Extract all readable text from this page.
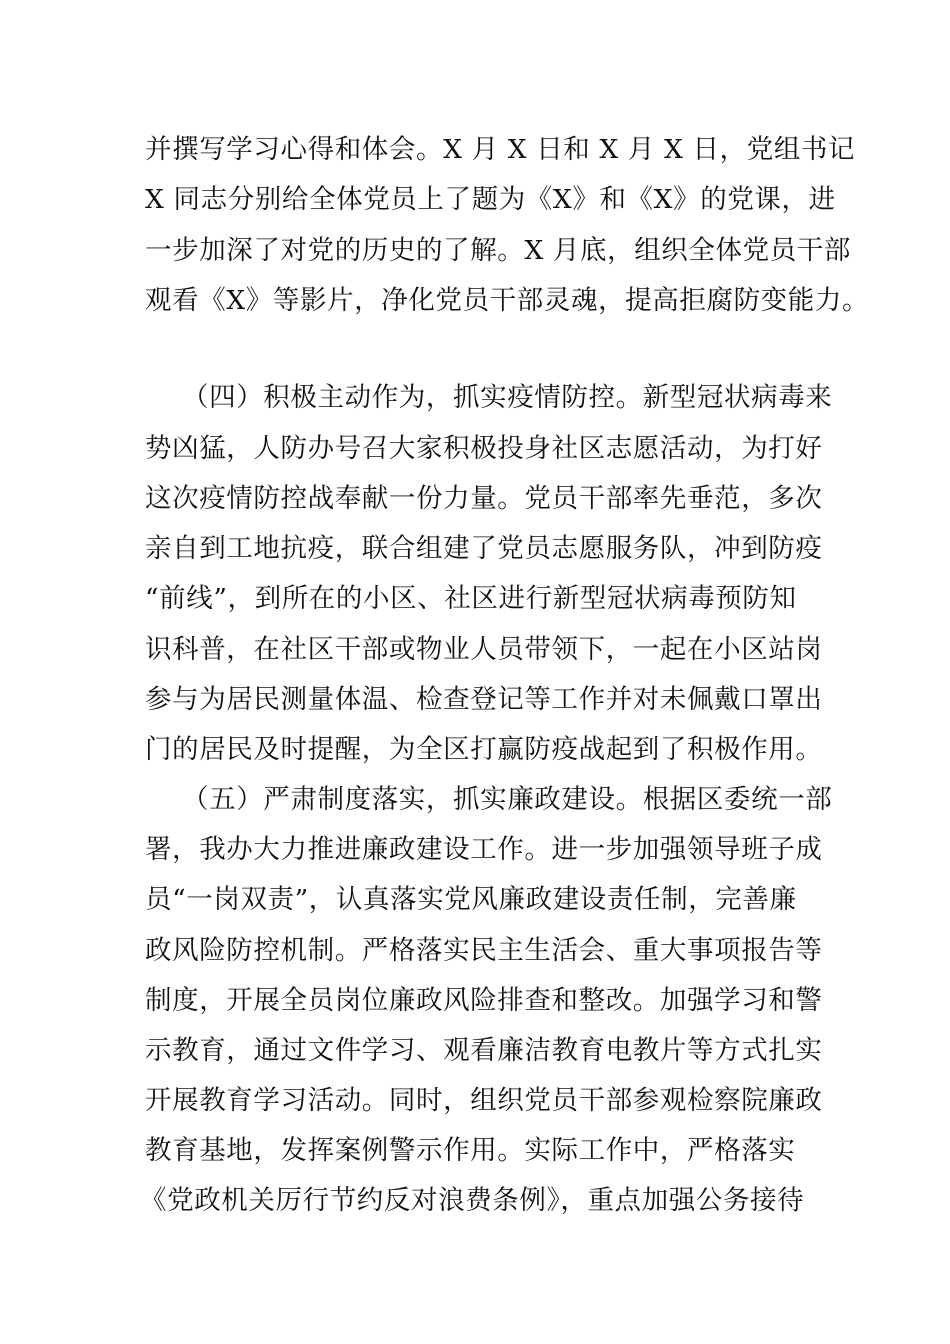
并撰写学习心得和体会。X 月 X 日和 X 月 X 日，党组书记
X 同志分别给全体党员上了题为《X》和《X》的党课，进
一步加深了对党的历史的了解。X 月底，组织全体党员干部
观看《X》等影片，净化党员干部灵魂，提高拒腐防变能力。
（四）积极主动作为，抓实疫情防控。新型冠状病毒来
势凶猛，人防办号召大家积极投身社区志愿活动，为打好
这次疫情防控战奉献一份力量。党员干部率先垂范，多次
亲自到工地抗疫，联合组建了党员志愿服务队，冲到防疫
“前线”，到所在的小区、社区进行新型冠状病毒预防知
识科普，在社区干部或物业人员带领下，一起在小区站岗
参与为居民测量体温、检查登记等工作并对未佩戴口罩出
门的居民及时提醒，为全区打赢防疫战起到了积极作用。
（五）严肃制度落实，抓实廉政建设。根据区委统一部
署，我办大力推进廉政建设工作。进一步加强领导班子成
员“一岗双责”，认真落实党风廉政建设责任制，完善廉
政风险防控机制。严格落实民主生活会、重大事项报告等
制度，开展全员岗位廉政风险排查和整改。加强学习和警
示教育，通过文件学习、观看廉洁教育电教片等方式扎实
开展教育学习活动。同时，组织党员干部参观检察院廉政
教育基地，发挥案例警示作用。实际工作中，严格落实
《党政机关厉行节约反对浪费条例》，重点加强公务接待
